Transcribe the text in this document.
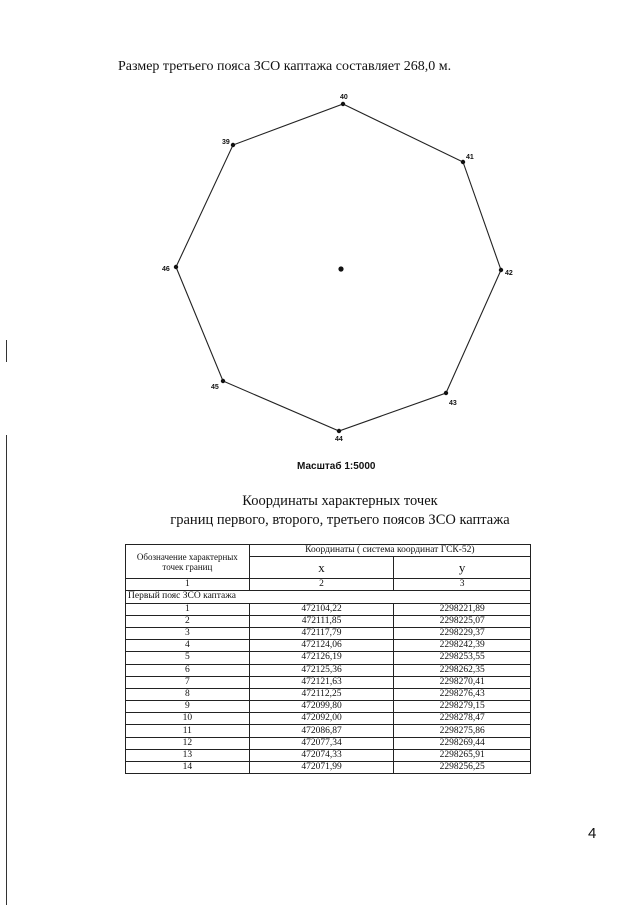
Размер третьего пояса ЗСО каптажа составляет 268,0 м.
40
41
42
43
44
45
46
39
Масштаб 1:5000
Координаты характерных точек
границ первого, второго, третьего поясов ЗСО каптажа
Обозначение характерных точек границ	Координаты ( система координат ГСК-52)	
	х	у
1	2	3
Первый пояс ЗСО каптажа		
1	472104,22	2298221,89
2	472111,85	2298225,07
3	472117,79	2298229,37
4	472124,06	2298242,39
5	472126,19	2298253,55
6	472125,36	2298262,35
7	472121,63	2298270,41
8	472112,25	2298276,43
9	472099,80	2298279,15
10	472092,00	2298278,47
11	472086,87	2298275,86
12	472077,34	2298269,44
13	472074,33	2298265,91
14	472071,99	2298256,25
4
